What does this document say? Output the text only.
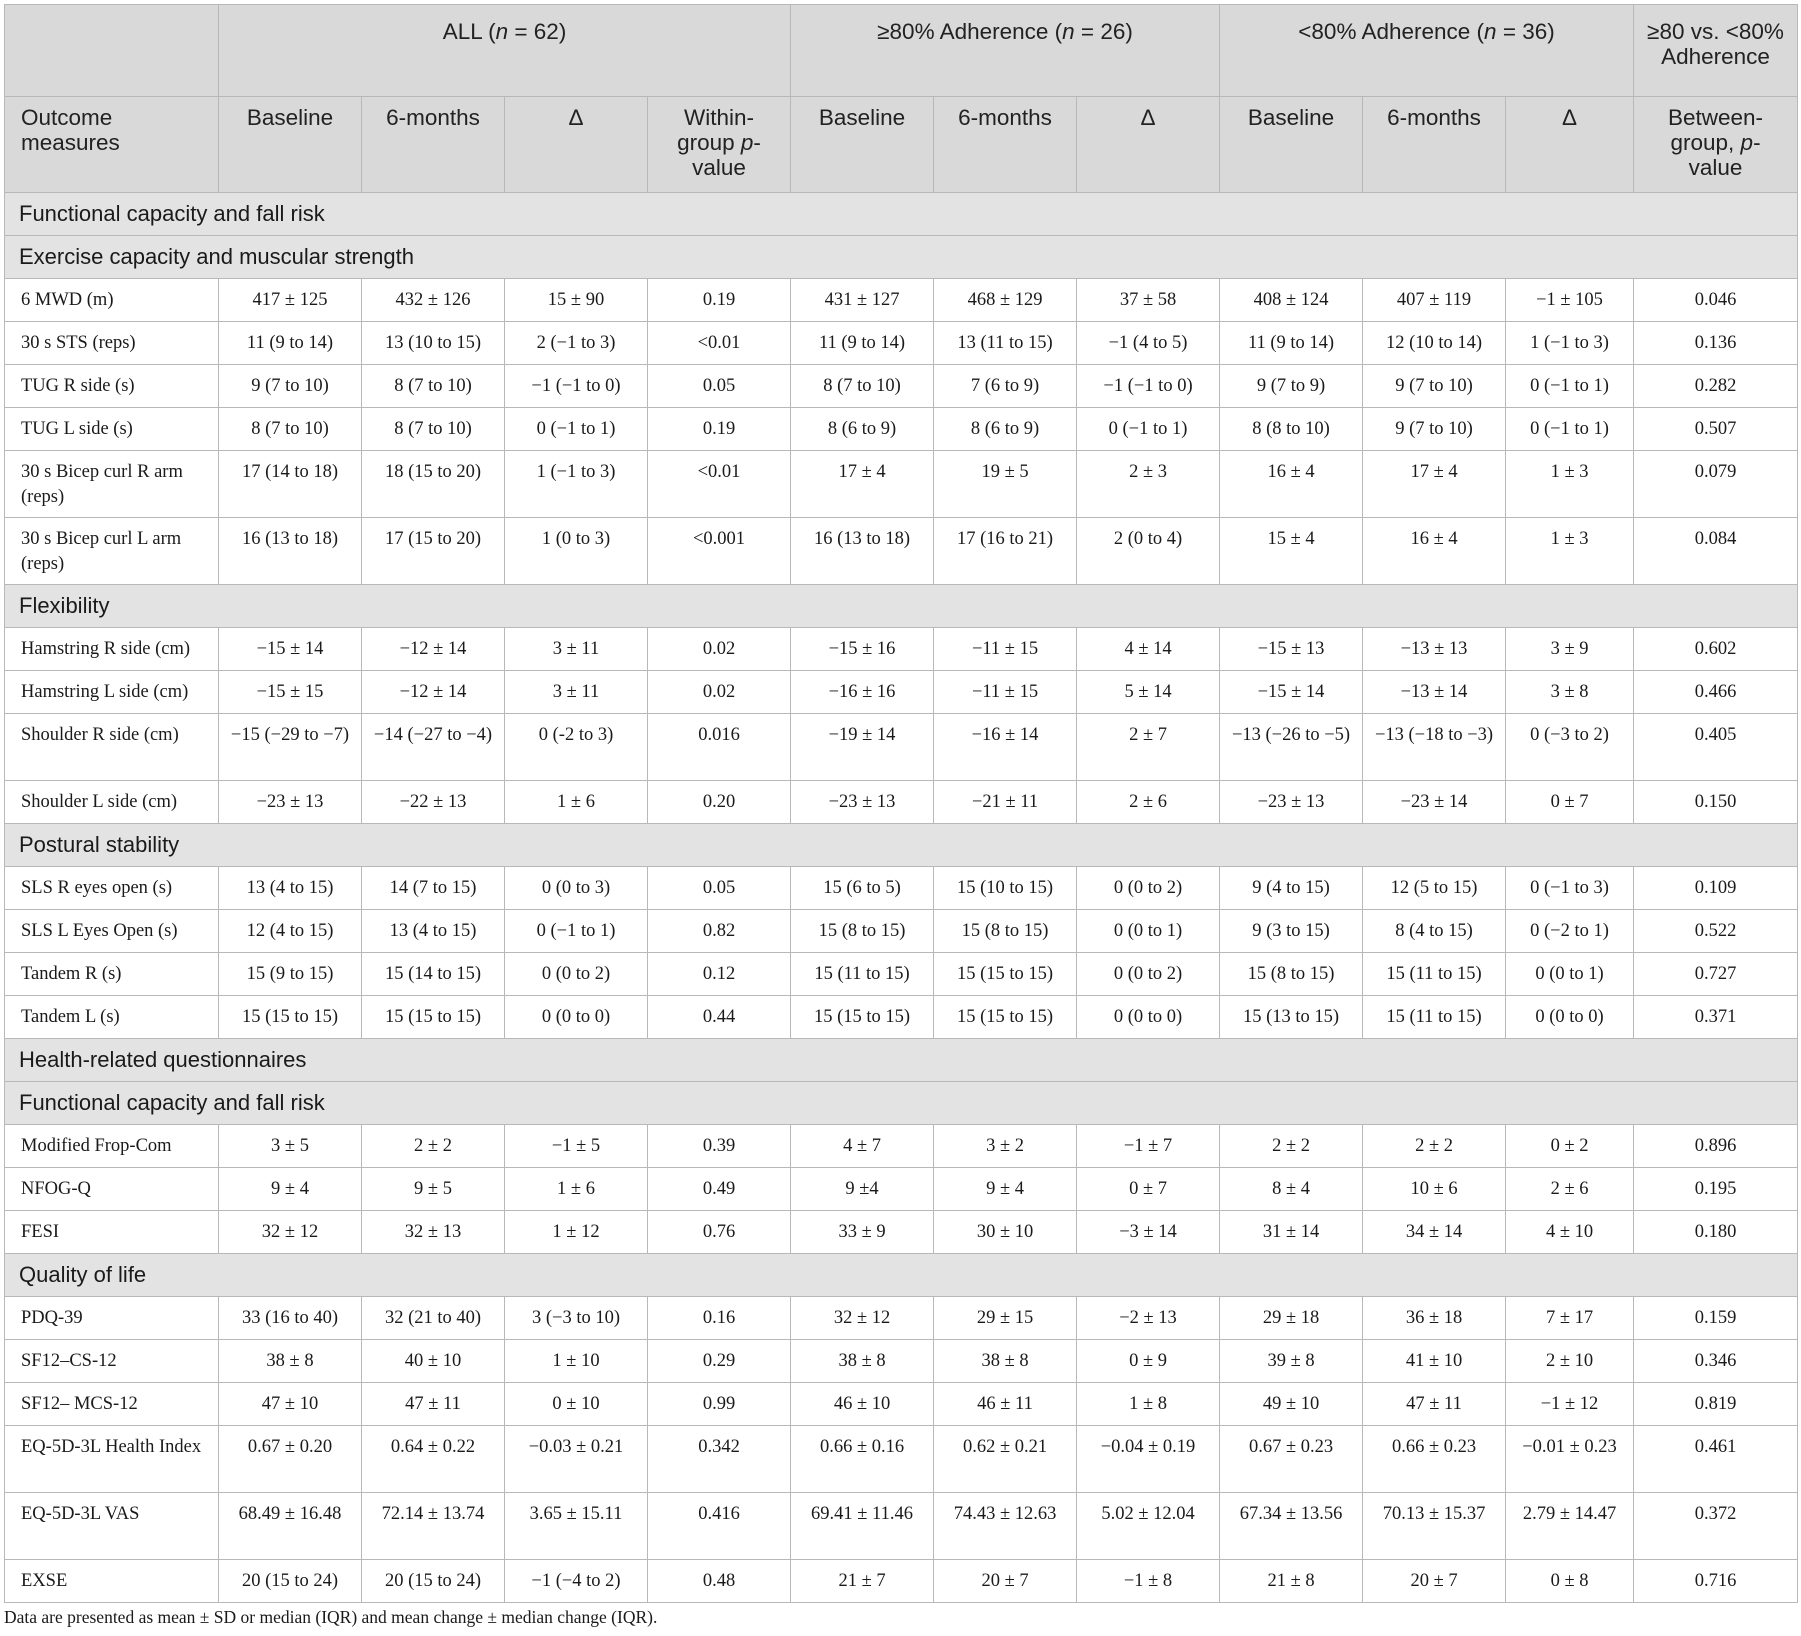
	ALL (n = 62)				≥80% Adherence (n = 26)			<80% Adherence (n = 36)			≥80 vs. <80% Adherence
Outcome measures	Baseline	6-months	Δ	Within-group p-value	Baseline	6-months	Δ	Baseline	6-months	Δ	Between-group, p-value
Functional capacity and fall risk											
Exercise capacity and muscular strength											
6 MWD (m)	417 ± 125	432 ± 126	15 ± 90	0.19	431 ± 127	468 ± 129	37 ± 58	408 ± 124	407 ± 119	−1 ± 105	0.046
30 s STS (reps)	11 (9 to 14)	13 (10 to 15)	2 (−1 to 3)	<0.01	11 (9 to 14)	13 (11 to 15)	−1 (4 to 5)	11 (9 to 14)	12 (10 to 14)	1 (−1 to 3)	0.136
TUG R side (s)	9 (7 to 10)	8 (7 to 10)	−1 (−1 to 0)	0.05	8 (7 to 10)	7 (6 to 9)	−1 (−1 to 0)	9 (7 to 9)	9 (7 to 10)	0 (−1 to 1)	0.282
TUG L side (s)	8 (7 to 10)	8 (7 to 10)	0 (−1 to 1)	0.19	8 (6 to 9)	8 (6 to 9)	0 (−1 to 1)	8 (8 to 10)	9 (7 to 10)	0 (−1 to 1)	0.507
30 s Bicep curl R arm (reps)	17 (14 to 18)	18 (15 to 20)	1 (−1 to 3)	<0.01	17 ± 4	19 ± 5	2 ± 3	16 ± 4	17 ± 4	1 ± 3	0.079
30 s Bicep curl L arm (reps)	16 (13 to 18)	17 (15 to 20)	1 (0 to 3)	<0.001	16 (13 to 18)	17 (16 to 21)	2 (0 to 4)	15 ± 4	16 ± 4	1 ± 3	0.084
Flexibility											
Hamstring R side (cm)	−15 ± 14	−12 ± 14	3 ± 11	0.02	−15 ± 16	−11 ± 15	4 ± 14	−15 ± 13	−13 ± 13	3 ± 9	0.602
Hamstring L side (cm)	−15 ± 15	−12 ± 14	3 ± 11	0.02	−16 ± 16	−11 ± 15	5 ± 14	−15 ± 14	−13 ± 14	3 ± 8	0.466
Shoulder R side (cm)	−15 (−29 to −7)	−14 (−27 to −4)	0 (-2 to 3)	0.016	−19 ± 14	−16 ± 14	2 ± 7	−13 (−26 to −5)	−13 (−18 to −3)	0 (−3 to 2)	0.405
Shoulder L side (cm)	−23 ± 13	−22 ± 13	1 ± 6	0.20	−23 ± 13	−21 ± 11	2 ± 6	−23 ± 13	−23 ± 14	0 ± 7	0.150
Postural stability											
SLS R eyes open (s)	13 (4 to 15)	14 (7 to 15)	0 (0 to 3)	0.05	15 (6 to 5)	15 (10 to 15)	0 (0 to 2)	9 (4 to 15)	12 (5 to 15)	0 (−1 to 3)	0.109
SLS L Eyes Open (s)	12 (4 to 15)	13 (4 to 15)	0 (−1 to 1)	0.82	15 (8 to 15)	15 (8 to 15)	0 (0 to 1)	9 (3 to 15)	8 (4 to 15)	0 (−2 to 1)	0.522
Tandem R (s)	15 (9 to 15)	15 (14 to 15)	0 (0 to 2)	0.12	15 (11 to 15)	15 (15 to 15)	0 (0 to 2)	15 (8 to 15)	15 (11 to 15)	0 (0 to 1)	0.727
Tandem L (s)	15 (15 to 15)	15 (15 to 15)	0 (0 to 0)	0.44	15 (15 to 15)	15 (15 to 15)	0 (0 to 0)	15 (13 to 15)	15 (11 to 15)	0 (0 to 0)	0.371
Health-related questionnaires											
Functional capacity and fall risk											
Modified Frop-Com	3 ± 5	2 ± 2	−1 ± 5	0.39	4 ± 7	3 ± 2	−1 ± 7	2 ± 2	2 ± 2	0 ± 2	0.896
NFOG-Q	9 ± 4	9 ± 5	1 ± 6	0.49	9 ±4	9 ± 4	0 ± 7	8 ± 4	10 ± 6	2 ± 6	0.195
FESI	32 ± 12	32 ± 13	1 ± 12	0.76	33 ± 9	30 ± 10	−3 ± 14	31 ± 14	34 ± 14	4 ± 10	0.180
Quality of life											
PDQ-39	33 (16 to 40)	32 (21 to 40)	3 (−3 to 10)	0.16	32 ± 12	29 ± 15	−2 ± 13	29 ± 18	36 ± 18	7 ± 17	0.159
SF12–CS-12	38 ± 8	40 ± 10	1 ± 10	0.29	38 ± 8	38 ± 8	0 ± 9	39 ± 8	41 ± 10	2 ± 10	0.346
SF12– MCS-12	47 ± 10	47 ± 11	0 ± 10	0.99	46 ± 10	46 ± 11	1 ± 8	49 ± 10	47 ± 11	−1 ± 12	0.819
EQ-5D-3L Health Index	0.67 ± 0.20	0.64 ± 0.22	−0.03 ± 0.21	0.342	0.66 ± 0.16	0.62 ± 0.21	−0.04 ± 0.19	0.67 ± 0.23	0.66 ± 0.23	−0.01 ± 0.23	0.461
EQ-5D-3L VAS	68.49 ± 16.48	72.14 ± 13.74	3.65 ± 15.11	0.416	69.41 ± 11.46	74.43 ± 12.63	5.02 ± 12.04	67.34 ± 13.56	70.13 ± 15.37	2.79 ± 14.47	0.372
EXSE	20 (15 to 24)	20 (15 to 24)	−1 (−4 to 2)	0.48	21 ± 7	20 ± 7	−1 ± 8	21 ± 8	20 ± 7	0 ± 8	0.716
Data are presented as mean ± SD or median (IQR) and mean change ± median change (IQR).
